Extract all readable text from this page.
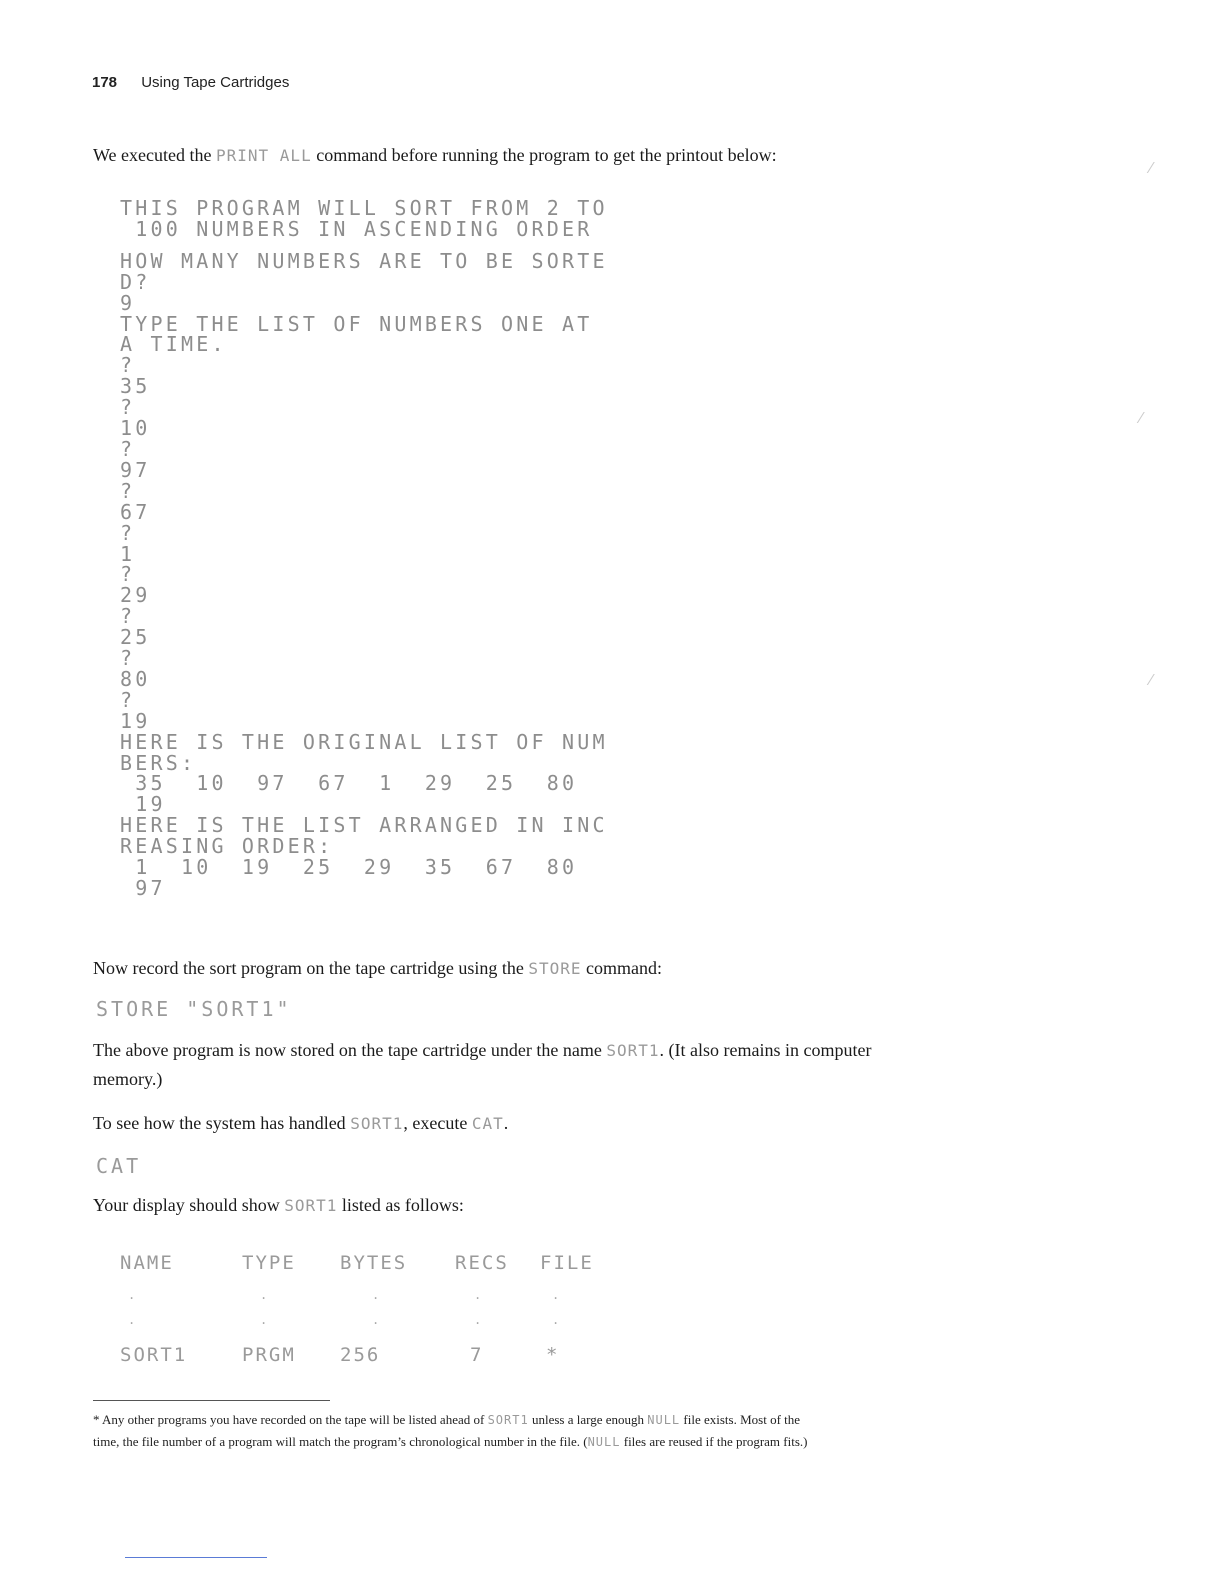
178 Using Tape Cartridges
We executed the PRINT ALL command before running the program to get the printout below:
THIS PROGRAM WILL SORT FROM 2 TO
100 NUMBERS IN ASCENDING ORDER
HOW MANY NUMBERS ARE TO BE SORTE
D?
9
TYPE THE LIST OF NUMBERS ONE AT
A TIME.
?
35
?
10
?
97
?
67
?
1
?
29
?
25
?
80
?
19
HERE IS THE ORIGINAL LIST OF NUM
BERS:
35  10  97  67  1  29  25  80
19
HERE IS THE LIST ARRANGED IN INC
REASING ORDER:
1  10  19  25  29  35  67  80
97
Now record the sort program on the tape cartridge using the STORE command:
STORE "SORT1"
The above program is now stored on the tape cartridge under the name SORT1. (It also remains in computer
memory.)
To see how the system has handled SORT1, execute CAT.
CAT
Your display should show SORT1 listed as follows:
NAME	TYPE BYTES	RECS FILE
.	.	.	.	.
.	.	.	.	.
SORT1	PRGM 256	7	*
* Any other programs you have recorded on the tape will be listed ahead of SORT1 unless a large enough NULL file exists. Most of the
time, the file number of a program will match the program’s chronological number in the file. (NULL files are reused if the program fits.)
⁄
⁄
⁄
